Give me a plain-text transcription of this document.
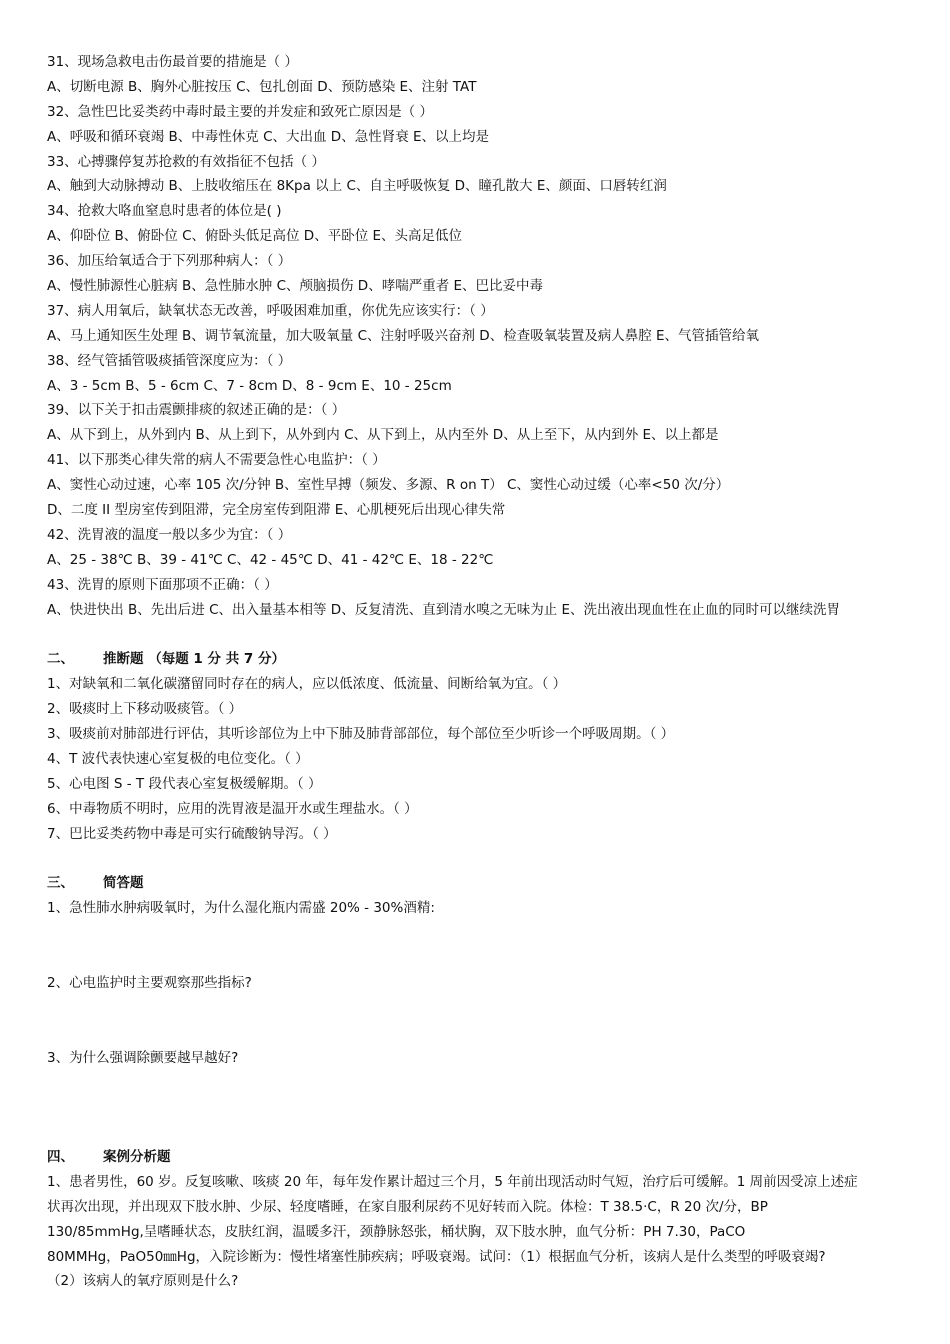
31、现场急救电击伤最首要的措施是（ ）
A、切断电源 B、胸外心脏按压 C、包扎创面 D、预防感染 E、注射 TAT
32、急性巴比妥类药中毒时最主要的并发症和致死亡原因是（ ）
A、呼吸和循环衰竭 B、中毒性休克 C、大出血 D、急性肾衰 E、以上均是
33、心搏骤停复苏抢救的有效指征不包括（ ）
A、触到大动脉搏动 B、上肢收缩压在 8Kpa 以上 C、自主呼吸恢复 D、瞳孔散大 E、颜面、口唇转红润
34、抢救大咯血窒息时患者的体位是( )
A、仰卧位 B、俯卧位 C、俯卧头低足高位 D、平卧位 E、头高足低位
36、加压给氧适合于下列那种病人：（ ）
A、慢性肺源性心脏病 B、急性肺水肿 C、颅脑损伤 D、哮喘严重者 E、巴比妥中毒
37、病人用氧后，缺氧状态无改善，呼吸困难加重，你优先应该实行：（ ）
A、马上通知医生处理 B、调节氧流量，加大吸氧量 C、注射呼吸兴奋剂 D、检查吸氧装置及病人鼻腔 E、气管插管给氧
38、经气管插管吸痰插管深度应为：（ ）
A、3 - 5cm B、5 - 6cm C、7 - 8cm D、8 - 9cm E、10 - 25cm
39、以下关于扣击震颤排痰的叙述正确的是：（ ）
A、从下到上，从外到内 B、从上到下，从外到内 C、从下到上，从内至外 D、从上至下，从内到外 E、以上都是
41、以下那类心律失常的病人不需要急性心电监护：（ ）
A、窦性心动过速，心率 105 次/分钟 B、室性早搏（频发、多源、R on T） C、窦性心动过缓（心率<50 次/分）
D、二度 II 型房室传到阻滞，完全房室传到阻滞 E、心肌梗死后出现心律失常
42、洗胃液的温度一般以多少为宜：（ ）
A、25 - 38℃ B、39 - 41℃ C、42 - 45℃ D、41 - 42℃ E、18 - 22℃
43、洗胃的原则下面那项不正确：（ ）
A、快进快出 B、先出后进 C、出入量基本相等 D、反复清洗、直到清水嗅之无味为止 E、洗出液出现血性在止血的同时可以继续洗胃
二、 推断题 （每题 1 分 共 7 分）
1、对缺氧和二氧化碳潴留同时存在的病人，应以低浓度、低流量、间断给氧为宜。（ ）
2、吸痰时上下移动吸痰管。（ ）
3、吸痰前对肺部进行评估，其听诊部位为上中下肺及肺背部部位，每个部位至少听诊一个呼吸周期。（ ）
4、T 波代表快速心室复极的电位变化。（ ）
5、心电图 S - T 段代表心室复极缓解期。（ ）
6、中毒物质不明时，应用的洗胃液是温开水或生理盐水。（ ）
7、巴比妥类药物中毒是可实行硫酸钠导泻。（ ）
三、 简答题
1、急性肺水肿病吸氧时，为什么湿化瓶内需盛 20% - 30%酒精:
2、心电监护时主要观察那些指标?
3、为什么强调除颤要越早越好?
四、 案例分析题
1、患者男性，60 岁。反复咳嗽、咳痰 20 年，每年发作累计超过三个月，5 年前出现活动时气短，治疗后可缓解。1 周前因受凉上述症
状再次出现，并出现双下肢水肿、少尿、轻度嗜睡，在家自服利尿药不见好转而入院。体检：T 38.5·C，R 20 次/分，BP
130/85mmHg,呈嗜睡状态，皮肤红润，温暖多汗，颈静脉怒张，桶状胸，双下肢水肿，血气分析：PH 7.30，PaCO
80MMHg，PaO50㎜Hg，入院诊断为：慢性堵塞性肺疾病；呼吸衰竭。试问：（1）根据血气分析，该病人是什么类型的呼吸衰竭?
（2）该病人的氧疗原则是什么?
